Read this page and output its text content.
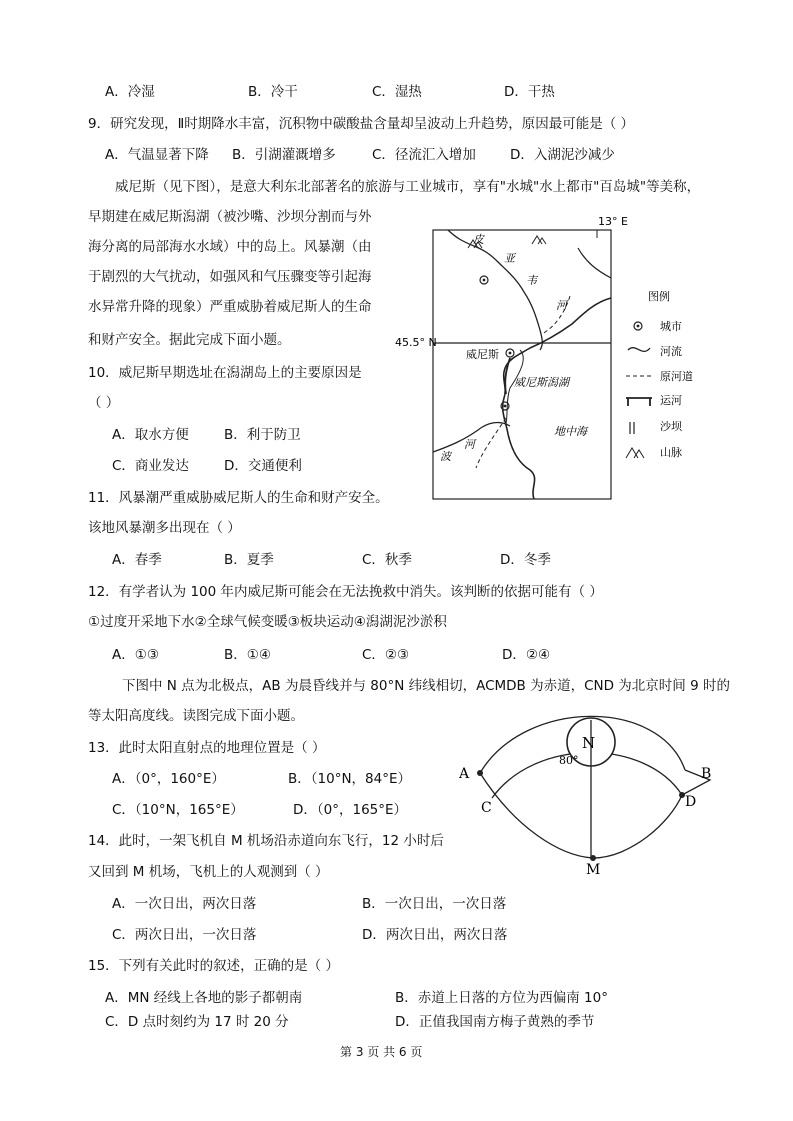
A．冷湿	B．冷干	C．湿热	D．干热
9．研究发现，Ⅱ时期降水丰富，沉积物中碳酸盐含量却呈波动上升趋势，原因最可能是（ ）
A．气温显著下降 B．引湖灌溉增多	C．径流汇入增加	D．入湖泥沙减少
威尼斯（见下图），是意大利东北部著名的旅游与工业城市，享有"水城"水上都市"百岛城"等美称，
早期建在威尼斯潟湖（被沙嘴、沙坝分割而与外
海分离的局部海水水域）中的岛上。风暴潮（由
于剧烈的大气扰动，如强风和气压骤变等引起海
水异常升降的现象）严重威胁着威尼斯人的生命
和财产安全。据此完成下面小题。
10．威尼斯早期选址在潟湖岛上的主要原因是
（ ）
A．取水方便	B．利于防卫
C．商业发达	D．交通便利
11．风暴潮严重威胁威尼斯人的生命和财产安全。
该地风暴潮多出现在（ ）
A．春季	B．夏季	C．秋季	D．冬季
12．有学者认为 100 年内威尼斯可能会在无法挽救中消失。该判断的依据可能有（ ）
①过度开采地下水②全球气候变暖③板块运动④潟湖泥沙淤积
A．①③	B．①④	C．②③	D．②④
下图中 N 点为北极点，AB 为晨昏线并与 80°N 纬线相切，ACMDB 为赤道，CND 为北京时间 9 时的
等太阳高度线。读图完成下面小题。
13．此时太阳直射点的地理位置是（ ）
A．（0°，160°E）	B．（10°N，84°E）
C．（10°N，165°E）	D．（0°，165°E）
14．此时，一架飞机自 M 机场沿赤道向东飞行，12 小时后
又回到 M 机场，飞机上的人观测到（ ）
A．一次日出，两次日落	B．一次日出，一次日落
C．两次日出，一次日落	D．两次日出，两次日落
15．下列有关此时的叙述，正确的是（ ）
A．MN 经线上各地的影子都朝南	B．赤道上日落的方位为西偏南 10°
C．D 点时刻约为 17 时 20 分	D．正值我国南方梅子黄熟的季节
第 3 页 共 6 页
13° E
45.5° N
威尼斯
威尼斯潟湖
地中海
皮
亚
韦
河
河
波
图例
城市
河流
原河道
运河
沙坝
山脉
N
80°
A	B
C	D
M
